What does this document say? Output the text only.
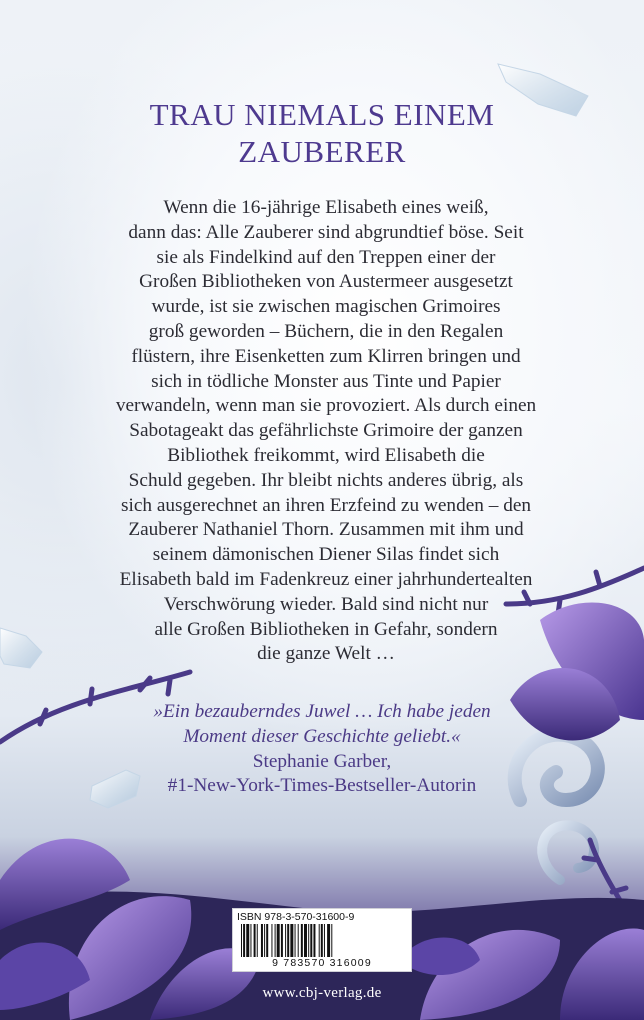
TRAU NIEMALS EINEM
ZAUBERER
Wenn die 16-jährige Elisabeth eines weiß,
dann das: Alle Zauberer sind abgrundtief böse. Seit
sie als Findelkind auf den Treppen einer der
Großen Bibliotheken von Austermeer ausgesetzt
wurde, ist sie zwischen magischen Grimoires
groß geworden – Büchern, die in den Regalen
flüstern, ihre Eisenketten zum Klirren bringen und
sich in tödliche Monster aus Tinte und Papier
verwandeln, wenn man sie provoziert. Als durch einen
Sabotageakt das gefährlichste Grimoire der ganzen
Bibliothek freikommt, wird Elisabeth die
Schuld gegeben. Ihr bleibt nichts anderes übrig, als
sich ausgerechnet an ihren Erzfeind zu wenden – den
Zauberer Nathaniel Thorn. Zusammen mit ihm und
seinem dämonischen Diener Silas findet sich
Elisabeth bald im Fadenkreuz einer jahrhundertealten
Verschwörung wieder. Bald sind nicht nur
alle Großen Bibliotheken in Gefahr, sondern
die ganze Welt …
»Ein bezauberndes Juwel … Ich habe jeden
Moment dieser Geschichte geliebt.«
Stephanie Garber,
#1-New-York-Times-Bestseller-Autorin
ISBN 978-3-570-31600-9
9 783570 316009
www.cbj-verlag.de
